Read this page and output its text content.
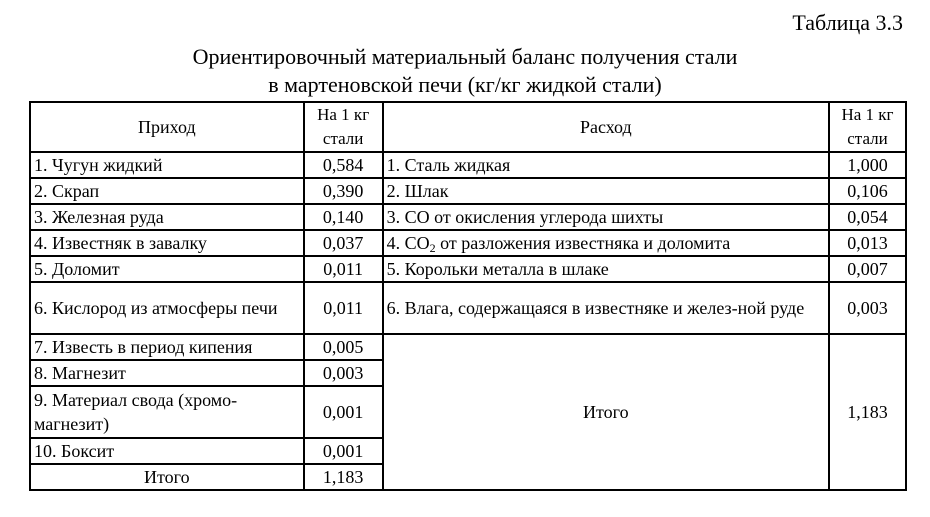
Таблица 3.3
Ориентировочный материальный баланс получения стали
в мартеновской печи (кг/кг жидкой стали)
Приход	На 1 кг стали	Расход	На 1 кг стали
1. Чугун жидкий	0,584	1. Сталь жидкая	1,000
2. Скрап	0,390	2. Шлак	0,106
3. Железная руда	0,140	3. CO от окисления углерода шихты	0,054
4. Известняк в завалку	0,037	4. $CO_2$ от разложения известняка и доломита	0,013
5. Доломит	0,011	5. Корольки металла в шлаке	0,007
6. Кислород из атмосферы печи	0,011	6. Влага, содержащаяся в известняке и желез-ной руде	0,003
7. Известь в период кипения	0,005	Итого	1,183
8. Магнезит	0,003		
9. Материал свода (хромо-магнезит)	0,001		
10. Боксит	0,001		
Итого	1,183		
